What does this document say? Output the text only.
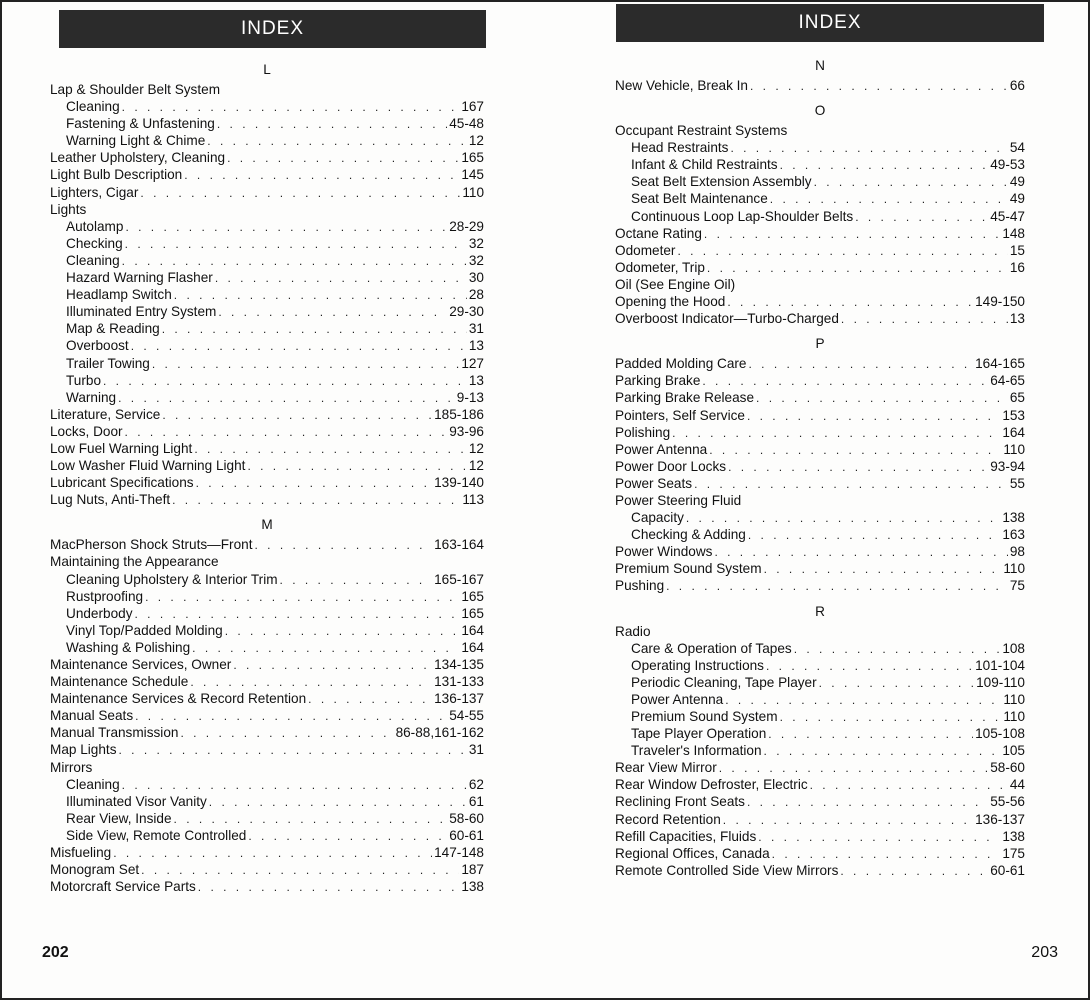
INDEX
L
Lap & Shoulder Belt System
Cleaning . . .	167
Fastening & Unfastening . . .	45-48
Warning Light & Chime . . .	12
Leather Upholstery, Cleaning . . .	165
Light Bulb Description . . .	145
Lighters, Cigar . . .	110
Lights
Autolamp . . .	28-29
Checking . . .	32
Cleaning . . .	32
Hazard Warning Flasher . . .	30
Headlamp Switch . . .	28
Illuminated Entry System . . .	29-30
Map & Reading . . .	31
Overboost . . .	13
Trailer Towing . . .	127
Turbo . . .	13
Warning . . .	9-13
Literature, Service . . .	185-186
Locks, Door . . .	93-96
Low Fuel Warning Light . . .	12
Low Washer Fluid Warning Light . . .	12
Lubricant Specifications . . .	139-140
Lug Nuts, Anti-Theft . . .	113
M
MacPherson Shock Struts—Front . . .	163-164
Maintaining the Appearance
Cleaning Upholstery & Interior Trim . . .	165-167
Rustproofing . . .	165
Underbody . . .	165
Vinyl Top/Padded Molding . . .	164
Washing & Polishing . . .	164
Maintenance Services, Owner . . .	134-135
Maintenance Schedule . . .	131-133
Maintenance Services & Record Retention . . .	136-137
Manual Seats . . .	54-55
Manual Transmission . . .	86-88,161-162
Map Lights . . .	31
Mirrors
Cleaning . . .	62
Illuminated Visor Vanity . . .	61
Rear View, Inside . . .	58-60
Side View, Remote Controlled . . .	60-61
Misfueling . . .	147-148
Monogram Set . . .	187
Motorcraft Service Parts . . .	138
202
INDEX
N
New Vehicle, Break In . . .	66
O
Occupant Restraint Systems
Head Restraints . . .	54
Infant & Child Restraints . . .	49-53
Seat Belt Extension Assembly . . .	49
Seat Belt Maintenance . . .	49
Continuous Loop Lap-Shoulder Belts . . .	45-47
Octane Rating . . .	148
Odometer . . .	15
Odometer, Trip . . .	16
Oil (See Engine Oil)
Opening the Hood . . .	149-150
Overboost Indicator—Turbo-Charged . . .	13
P
Padded Molding Care . . .	164-165
Parking Brake . . .	64-65
Parking Brake Release . . .	65
Pointers, Self Service . . .	153
Polishing . . .	164
Power Antenna . . .	110
Power Door Locks . . .	93-94
Power Seats . . .	55
Power Steering Fluid
Capacity . . .	138
Checking & Adding . . .	163
Power Windows . . .	98
Premium Sound System . . .	110
Pushing . . .	75
R
Radio
Care & Operation of Tapes . . .	108
Operating Instructions . . .	101-104
Periodic Cleaning, Tape Player . . .	109-110
Power Antenna . . .	110
Premium Sound System . . .	110
Tape Player Operation . . .	105-108
Traveler's Information . . .	105
Rear View Mirror . . .	58-60
Rear Window Defroster, Electric . . .	44
Reclining Front Seats . . .	55-56
Record Retention . . .	136-137
Refill Capacities, Fluids . . .	138
Regional Offices, Canada . . .	175
Remote Controlled Side View Mirrors . . .	60-61
203
